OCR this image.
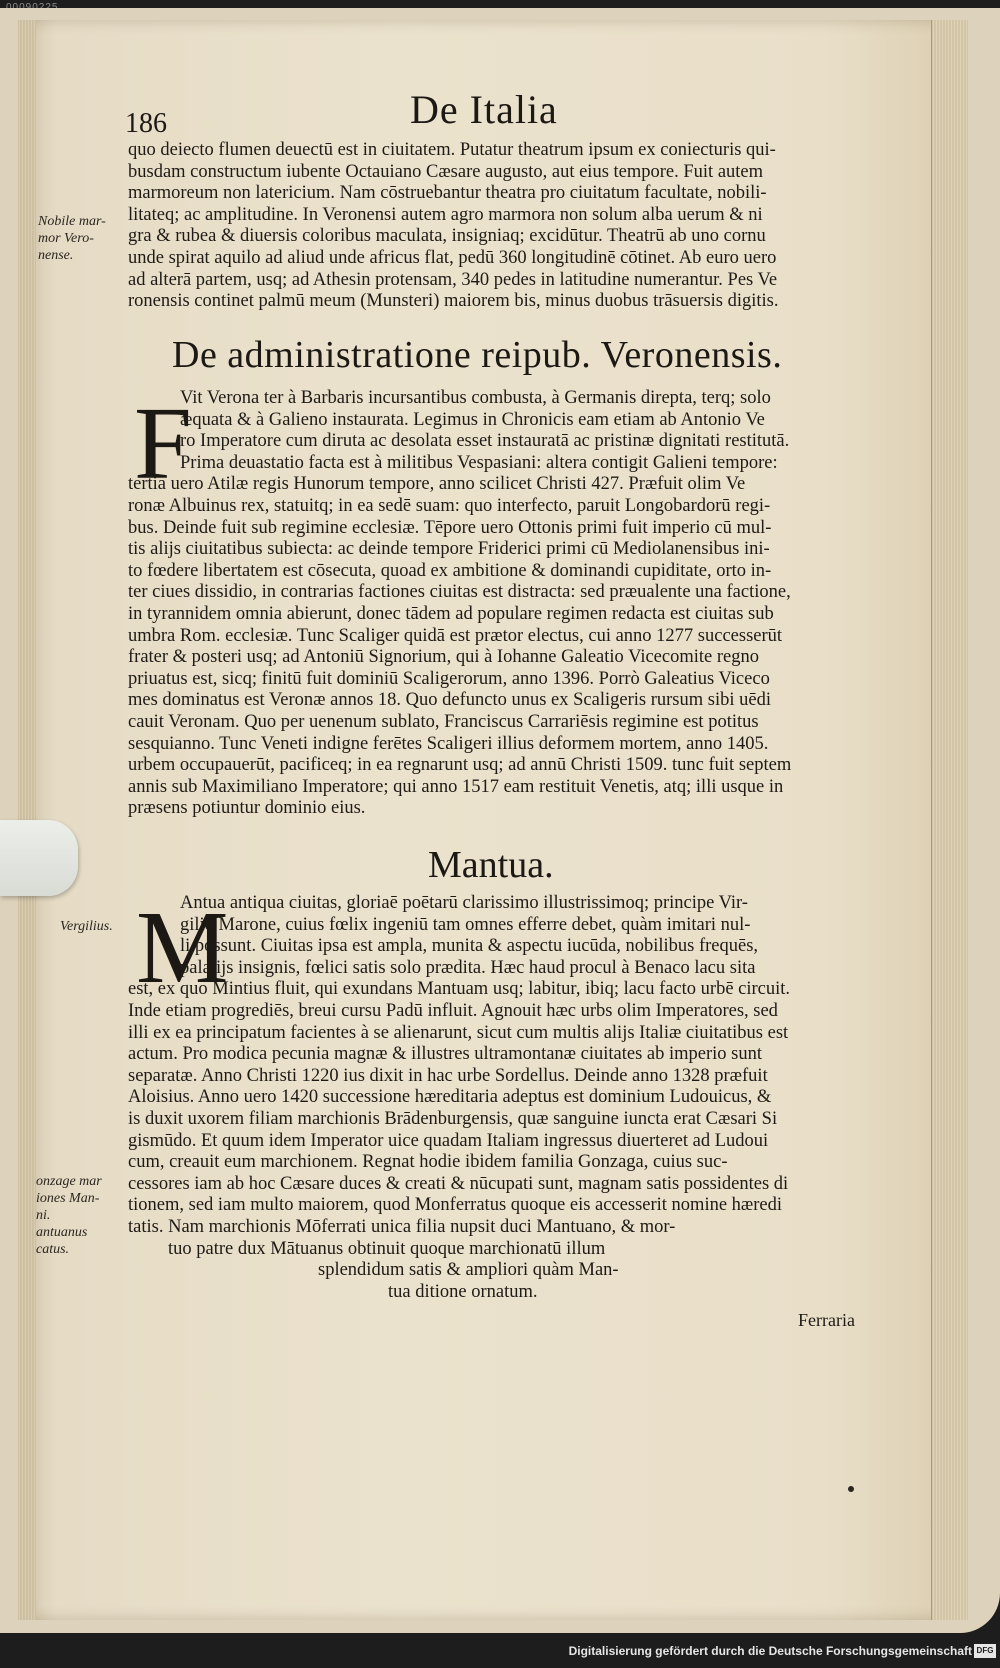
186	De Italia
quo deiecto flumen deuectū est in ciuitatem. Putatur theatrum ipsum ex coniecturis qui-
busdam constructum iubente Octauiano Cæsare augusto, aut eius tempore. Fuit autem
marmoreum non latericium. Nam cōstruebantur theatra pro ciuitatum facultate, nobili-
litateq; ac amplitudine. In Veronensi autem agro marmora non solum alba uerum & ni
gra & rubea & diuersis coloribus maculata, insigniaq; excidūtur. Theatrū ab uno cornu
unde spirat aquilo ad aliud unde africus flat, pedū 360 longitudinē cōtinet. Ab euro uero
ad alterā partem, usq; ad Athesin protensam, 340 pedes in latitudine numerantur. Pes Ve
ronensis continet palmū meum (Munsteri) maiorem bis, minus duobus trāsuersis digitis.
Nobile mar-
mor Vero-
nense.
De administratione reipub. Veronensis.
F
Vit Verona ter à Barbaris incursantibus combusta, à Germanis direpta, terq; solo
æquata & à Galieno instaurata. Legimus in Chronicis eam etiam ab Antonio Ve
ro Imperatore cum diruta ac desolata esset instauratā ac pristinæ dignitati restitutā.
Prima deuastatio facta est à militibus Vespasiani: altera contigit Galieni tempore:
tertia uero Atilæ regis Hunorum tempore, anno scilicet Christi 427. Præfuit olim Ve
ronæ Albuinus rex, statuitq; in ea sedē suam: quo interfecto, paruit Longobardorū regi-
bus. Deinde fuit sub regimine ecclesiæ. Tēpore uero Ottonis primi fuit imperio cū mul-
tis alijs ciuitatibus subiecta: ac deinde tempore Friderici primi cū Mediolanensibus ini-
to fœdere libertatem est cōsecuta, quoad ex ambitione & dominandi cupiditate, orto in-
ter ciues dissidio, in contrarias factiones ciuitas est distracta: sed præualente una factione,
in tyrannidem omnia abierunt, donec tādem ad populare regimen redacta est ciuitas sub
umbra Rom. ecclesiæ. Tunc Scaliger quidā est prætor electus, cui anno 1277 successerūt
frater & posteri usq; ad Antoniū Signorium, qui à Iohanne Galeatio Vicecomite regno
priuatus est, sicq; finitū fuit dominiū Scaligerorum, anno 1396. Porrò Galeatius Viceco
mes dominatus est Veronæ annos 18. Quo defuncto unus ex Scaligeris rursum sibi uēdi
cauit Veronam. Quo per uenenum sublato, Franciscus Carrariēsis regimine est potitus
sesquianno. Tunc Veneti indigne ferētes Scaligeri illius deformem mortem, anno 1405.
urbem occupauerūt, pacificeq; in ea regnarunt usq; ad annū Christi 1509. tunc fuit septem
annis sub Maximiliano Imperatore; qui anno 1517 eam restituit Venetis, atq; illi usque in
præsens potiuntur dominio eius.
Mantua.
M
Vergilius.
Antua antiqua ciuitas, gloriaē poētarū clarissimo illustrissimoq; principe Vir-
gilio Marone, cuius fœlix ingeniū tam omnes efferre debet, quàm imitari nul-
li possunt. Ciuitas ipsa est ampla, munita & aspectu iucūda, nobilibus frequēs,
palatijs insignis, fœlici satis solo prædita. Hæc haud procul à Benaco lacu sita
est, ex quo Mintius fluit, qui exundans Mantuam usq; labitur, ibiq; lacu facto urbē circuit.
Inde etiam progrediēs, breui cursu Padū influit. Agnouit hæc urbs olim Imperatores, sed
illi ex ea principatum facientes à se alienarunt, sicut cum multis alijs Italiæ ciuitatibus est
actum. Pro modica pecunia magnæ & illustres ultramontanæ ciuitates ab imperio sunt
separatæ. Anno Christi 1220 ius dixit in hac urbe Sordellus. Deinde anno 1328 præfuit
Aloisius. Anno uero 1420 successione hæreditaria adeptus est dominium Ludouicus, &
is duxit uxorem filiam marchionis Brādenburgensis, quæ sanguine iuncta erat Cæsari Si
gismūdo. Et quum idem Imperator uice quadam Italiam ingressus diuerteret ad Ludoui
cum, creauit eum marchionem. Regnat hodie ibidem familia Gonzaga, cuius suc-
cessores iam ab hoc Cæsare duces & creati & nūcupati sunt, magnam satis possidentes di
tionem, sed iam multo maiorem, quod Monferratus quoque eis accesserit nomine hæredi
tatis. Nam marchionis Mōferrati unica filia nupsit duci Mantuano, & mor-
tuo patre dux Mātuanus obtinuit quoque marchionatū illum
splendidum satis & ampliori quàm Man-
tua ditione ornatum.
onzage mar
iones Man-
ni.
antuanus
catus.
Ferraria
Digitalisierung gefördert durch die Deutsche Forschungsgemeinschaft DFG
